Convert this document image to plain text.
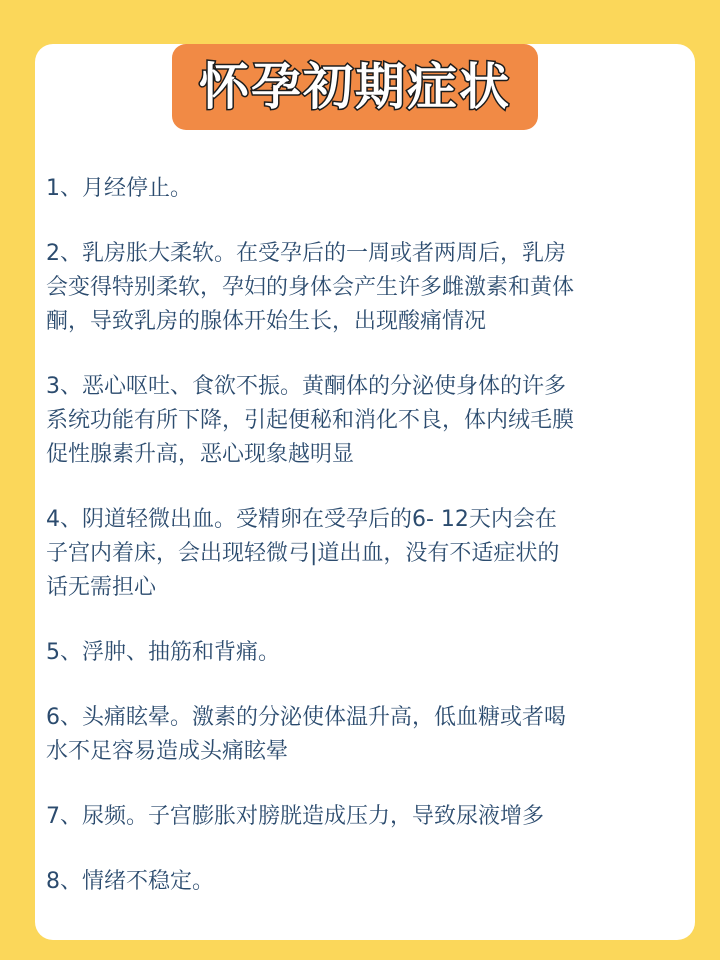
怀孕初期症状

1、月经停止。

2、乳房胀大柔软。在受孕后的一周或者两周后，乳房
会变得特别柔软，孕妇的身体会产生许多雌激素和黄体
酮，导致乳房的腺体开始生长，出现酸痛情况

3、恶心呕吐、食欲不振。黄酮体的分泌使身体的许多
系统功能有所下降，引起便秘和消化不良，体内绒毛膜
促性腺素升高，恶心现象越明显

4、阴道轻微出血。受精卵在受孕后的6- 12天内会在
子宫内着床，会出现轻微弓|道出血，没有不适症状的
话无需担心

5、浮肿、抽筋和背痛。

6、头痛眩晕。激素的分泌使体温升高，低血糖或者喝
水不足容易造成头痛眩晕

7、尿频。子宫膨胀对膀胱造成压力，导致尿液增多

8、情绪不稳定。
